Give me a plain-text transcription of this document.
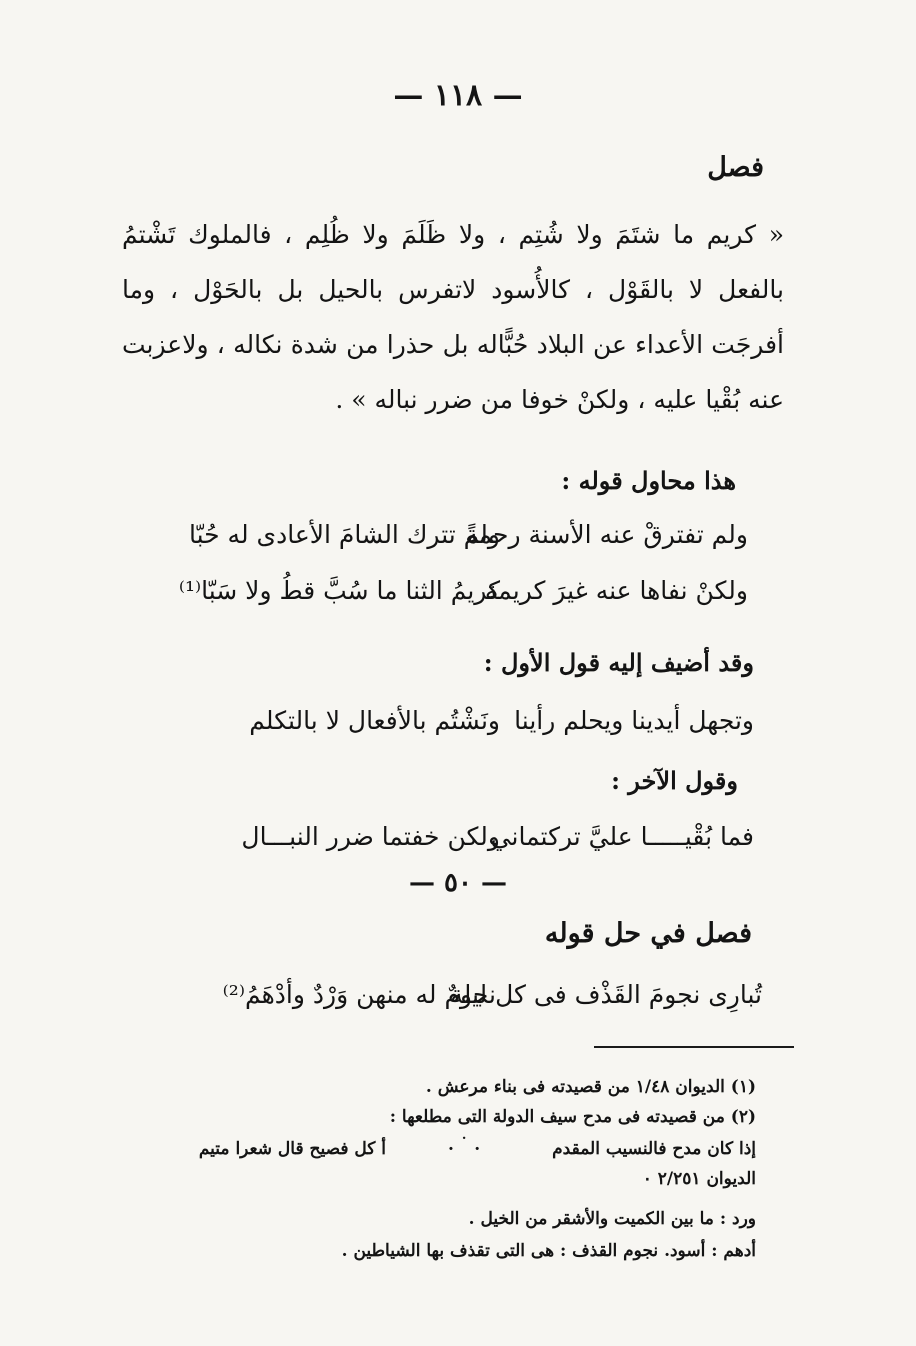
— ١١٨ —
فصل
« كريم ما شتَمَ ولا شُتِم ، ولا ظَلَمَ ولا ظُلِم ، فالملوك تَشْتمُ بالفعل لا بالقَوْل ، كالأُسود لاتفرس بالحيل بل بالحَوْل ، وما أفرجَت الأعداء عن البلاد حُبًّاله بل حذرا من شدة نكاله ، ولاعزبت عنه بُقْيا عليه ، ولكنْ خوفا من ضرر نباله » .
هذا محاول قوله :
ولم تفترقْ عنه الأسنة رحمةً
ولم تترك الشامَ الأعادى له حُبّا
ولكنْ نفاها عنه غيرَ كريمة
كريمُ الثنا ما سُبَّ قطُ ولا سَبّا⁽¹⁾
وقد أضيف إليه قول الأول :
وتجهل أيدينا ويحلم رأينا
ونَشْتُم بالأفعال لا بالتكلم
وقول الآخر :
فما بُقْيـــــا عليَّ تركتماني
ولكن خفتما ضرر النبـــال
— ٥٠ —
فصل في حل قوله
تُبارِى نجومَ القَذْف فى كل ليلة
نجومٌ له منهن وَرْدٌ وأدْهَمُ⁽²⁾
(١) الديوان ١/٤٨ من قصيدته فى بناء مرعش .
(٢) من قصيدته فى مدح سيف الدولة التى مطلعها :
إذا كان مدح فالنسيب المقدم
. ˙ .
أ كل فصيح قال شعرا متيم
الديوان ٢/٢٥١ ٠
ورد : ما بين الكميت والأشقر من الخيل .
أدهم : أسود. نجوم القذف : هى التى تقذف بها الشياطين .
